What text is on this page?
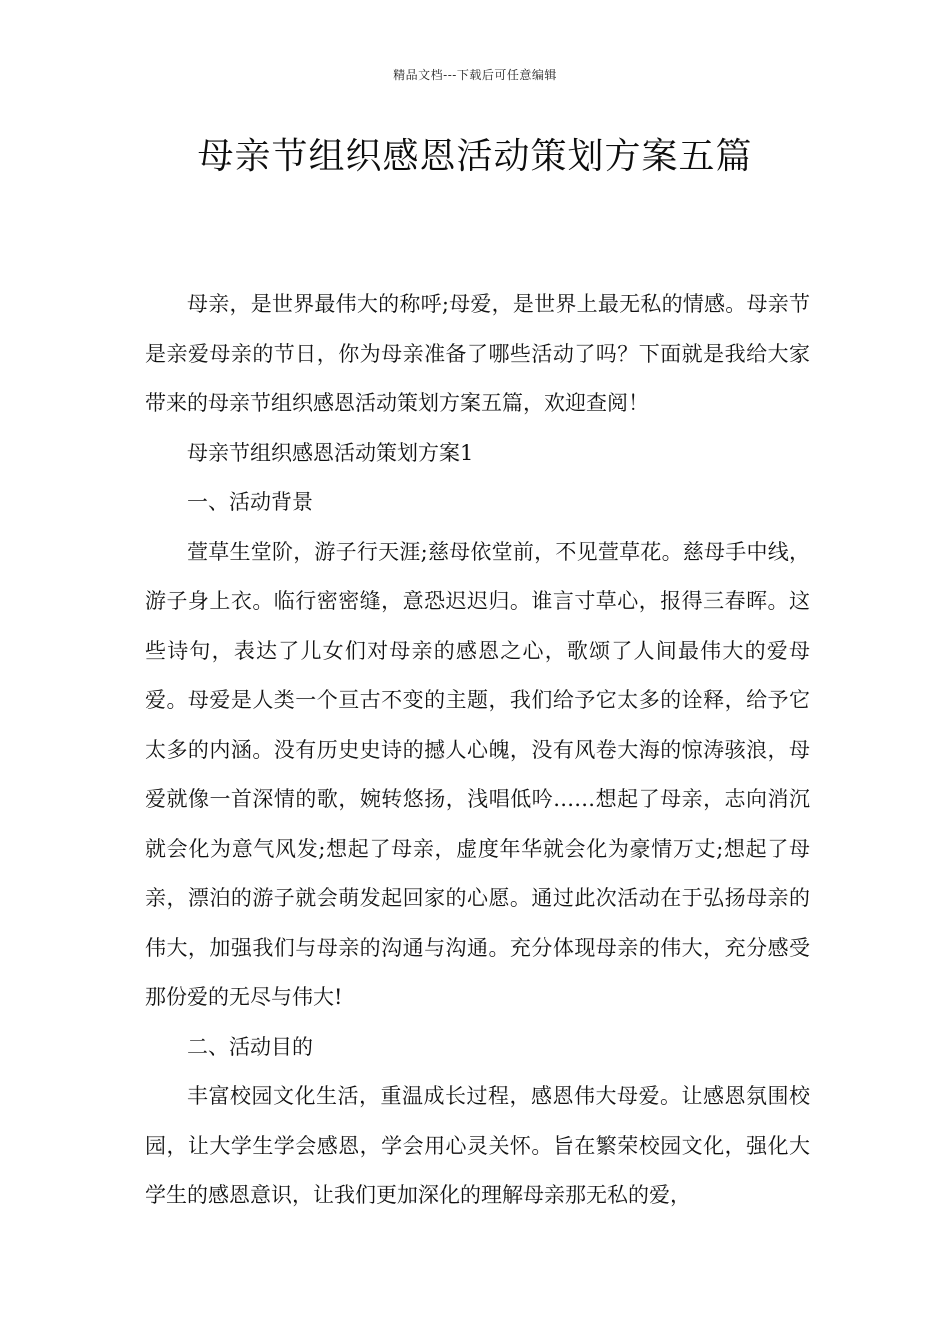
精品文档---下载后可任意编辑
母亲节组织感恩活动策划方案五篇

母亲，是世界最伟大的称呼;母爱，是世界上最无私的情感。母亲节是亲爱母亲的节日，你为母亲准备了哪些活动了吗？下面就是我给大家带来的母亲节组织感恩活动策划方案五篇，欢迎查阅！

母亲节组织感恩活动策划方案1

一、活动背景

萱草生堂阶，游子行天涯;慈母依堂前，不见萱草花。慈母手中线，游子身上衣。临行密密缝，意恐迟迟归。谁言寸草心，报得三春晖。这些诗句，表达了儿女们对母亲的感恩之心，歌颂了人间最伟大的爱母爱。母爱是人类一个亘古不变的主题，我们给予它太多的诠释，给予它太多的内涵。没有历史史诗的撼人心魄，没有风卷大海的惊涛骇浪，母爱就像一首深情的歌，婉转悠扬，浅唱低吟……想起了母亲，志向消沉就会化为意气风发;想起了母亲，虚度年华就会化为豪情万丈;想起了母亲，漂泊的游子就会萌发起回家的心愿。通过此次活动在于弘扬母亲的伟大，加强我们与母亲的沟通与沟通。充分体现母亲的伟大，充分感受那份爱的无尽与伟大!

二、活动目的

丰富校园文化生活，重温成长过程，感恩伟大母爱。让感恩氛围校园，让大学生学会感恩，学会用心灵关怀。旨在繁荣校园文化，强化大学生的感恩意识，让我们更加深化的理解母亲那无私的爱，
